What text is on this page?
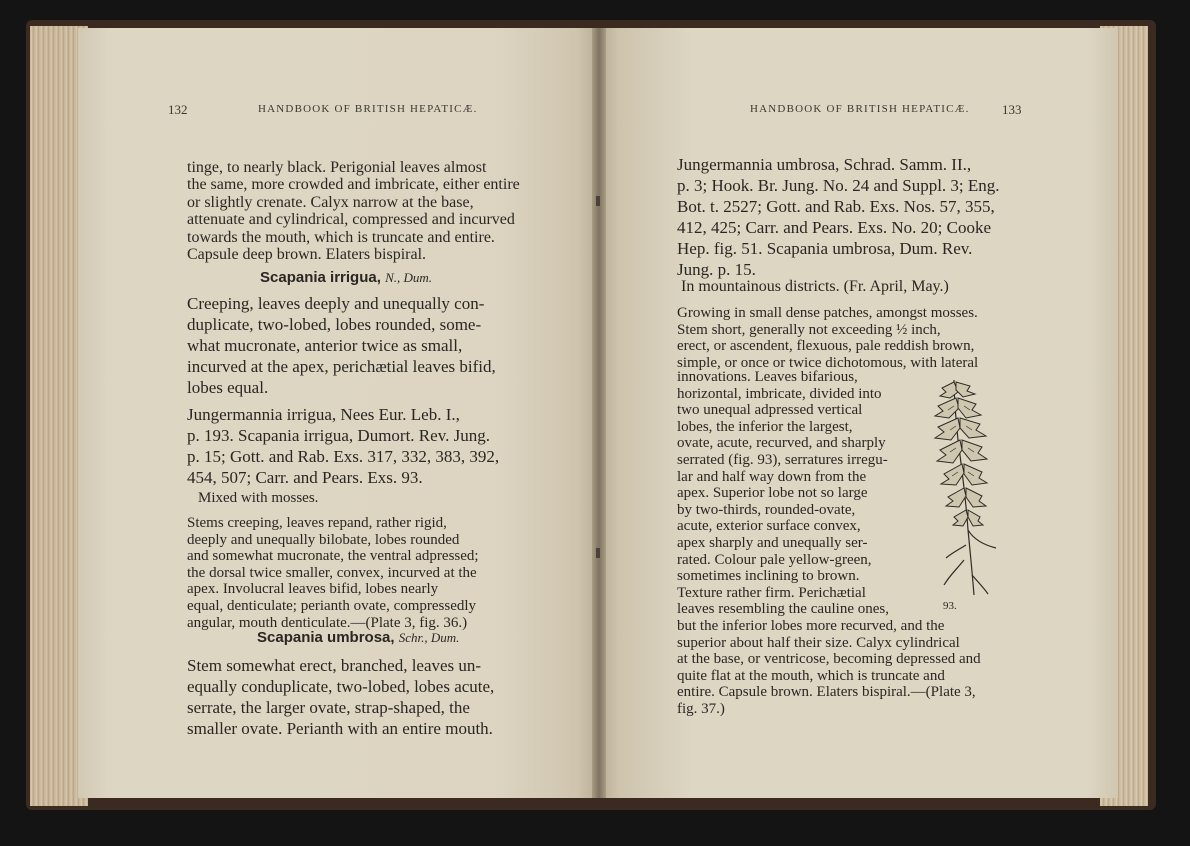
132	HANDBOOK OF BRITISH HEPATICÆ.
tinge, to nearly black. Perigonial leaves almost
the same, more crowded and imbricate, either entire
or slightly crenate. Calyx narrow at the base,
attenuate and cylindrical, compressed and incurved
towards the mouth, which is truncate and entire.
Capsule deep brown. Elaters bispiral.
Scapania irrigua, N., Dum.
Creeping, leaves deeply and unequally con-
duplicate, two-lobed, lobes rounded, some-
what mucronate, anterior twice as small,
incurved at the apex, perichætial leaves bifid,
lobes equal.
Jungermannia irrigua, Nees Eur. Leb. I.,
p. 193. Scapania irrigua, Dumort. Rev. Jung.
p. 15; Gott. and Rab. Exs. 317, 332, 383, 392,
454, 507; Carr. and Pears. Exs. 93.
Mixed with mosses.
Stems creeping, leaves repand, rather rigid,
deeply and unequally bilobate, lobes rounded
and somewhat mucronate, the ventral adpressed;
the dorsal twice smaller, convex, incurved at the
apex. Involucral leaves bifid, lobes nearly
equal, denticulate; perianth ovate, compressedly
angular, mouth denticulate.—(Plate 3, fig. 36.)
Scapania umbrosa, Schr., Dum.
Stem somewhat erect, branched, leaves un-
equally conduplicate, two-lobed, lobes acute,
serrate, the larger ovate, strap-shaped, the
smaller ovate. Perianth with an entire mouth.
HANDBOOK OF BRITISH HEPATICÆ. 133
Jungermannia umbrosa, Schrad. Samm. II.,
p. 3; Hook. Br. Jung. No. 24 and Suppl. 3; Eng.
Bot. t. 2527; Gott. and Rab. Exs. Nos. 57, 355,
412, 425; Carr. and Pears. Exs. No. 20; Cooke
Hep. fig. 51. Scapania umbrosa, Dum. Rev.
Jung. p. 15.
In mountainous districts. (Fr. April, May.)
Growing in small dense patches, amongst mosses.
Stem short, generally not exceeding ½ inch,
erect, or ascendent, flexuous, pale reddish brown,
simple, or once or twice dichotomous, with lateral
innovations. Leaves bifarious,
horizontal, imbricate, divided into
two unequal adpressed vertical
lobes, the inferior the largest,
ovate, acute, recurved, and sharply
serrated (fig. 93), serratures irregu-
lar and half way down from the
apex. Superior lobe not so large
by two-thirds, rounded-ovate,
acute, exterior surface convex,
apex sharply and unequally ser-
rated. Colour pale yellow-green,
sometimes inclining to brown.
Texture rather firm. Perichætial
leaves resembling the cauline ones,
but the inferior lobes more recurved, and the
superior about half their size. Calyx cylindrical
at the base, or ventricose, becoming depressed and
quite flat at the mouth, which is truncate and
entire. Capsule brown. Elaters bispiral.—(Plate 3,
fig. 37.)
93.
